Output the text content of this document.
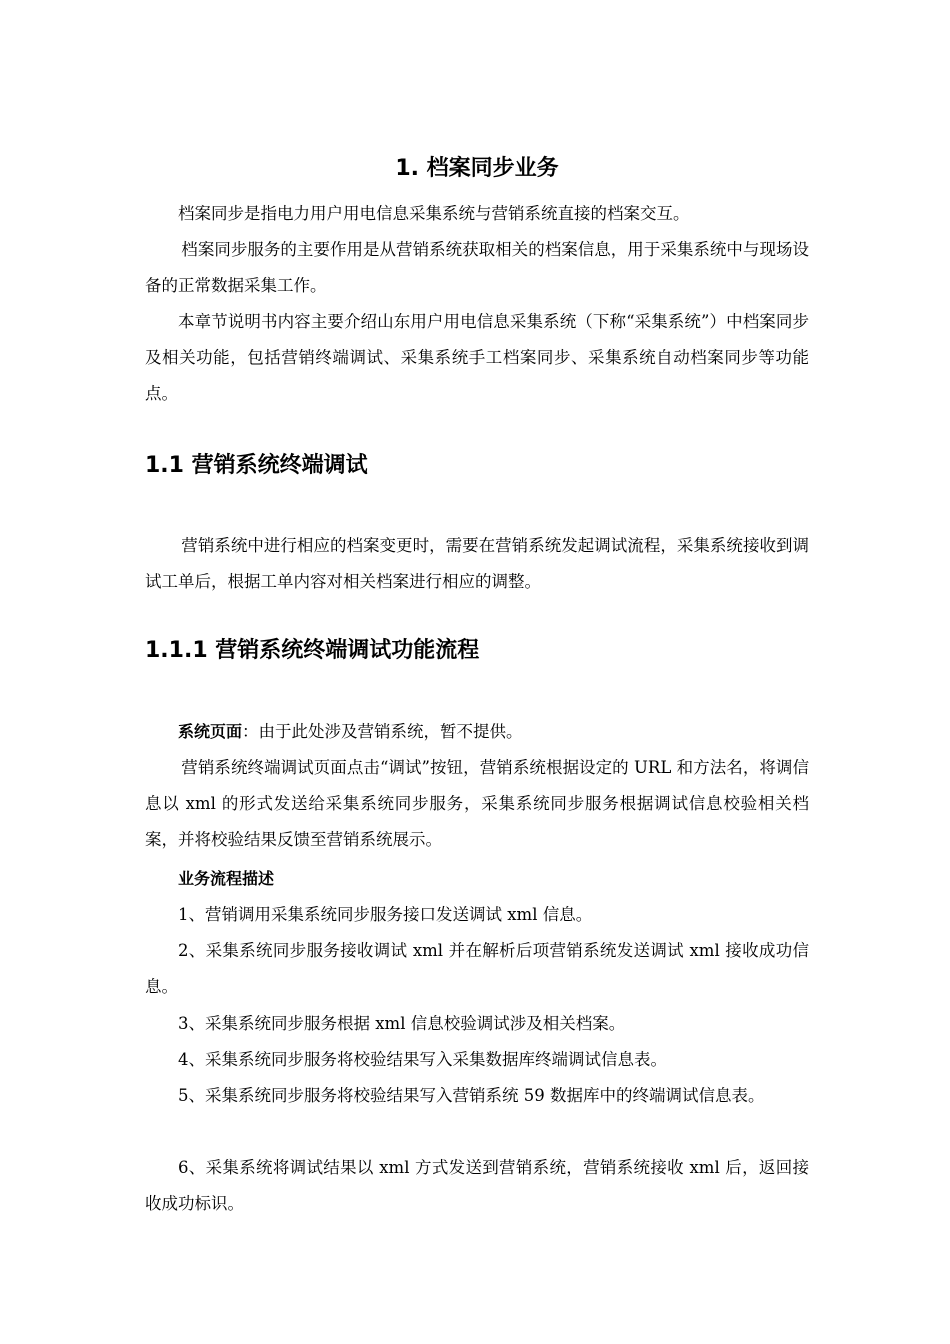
1. 档案同步业务

档案同步是指电力用户用电信息采集系统与营销系统直接的档案交互。

档案同步服务的主要作用是从营销系统获取相关的档案信息，用于采集系统中与现场设备的正常数据采集工作。

本章节说明书内容主要介绍山东用户用电信息采集系统（下称“采集系统”）中档案同步及相关功能，包括营销终端调试、采集系统手工档案同步、采集系统自动档案同步等功能点。

1.1 营销系统终端调试

营销系统中进行相应的档案变更时，需要在营销系统发起调试流程，采集系统接收到调试工单后，根据工单内容对相关档案进行相应的调整。

1.1.1 营销系统终端调试功能流程

系统页面：由于此处涉及营销系统，暂不提供。

营销系统终端调试页面点击“调试”按钮，营销系统根据设定的 URL 和方法名，将调信息以 xml 的形式发送给采集系统同步服务，采集系统同步服务根据调试信息校验相关档案，并将校验结果反馈至营销系统展示。

业务流程描述

1、营销调用采集系统同步服务接口发送调试 xml 信息。

2、采集系统同步服务接收调试 xml 并在解析后项营销系统发送调试 xml 接收成功信息。

3、采集系统同步服务根据 xml 信息校验调试涉及相关档案。

4、采集系统同步服务将校验结果写入采集数据库终端调试信息表。

5、采集系统同步服务将校验结果写入营销系统 59 数据库中的终端调试信息表。

6、采集系统将调试结果以 xml 方式发送到营销系统，营销系统接收 xml 后，返回接收成功标识。
